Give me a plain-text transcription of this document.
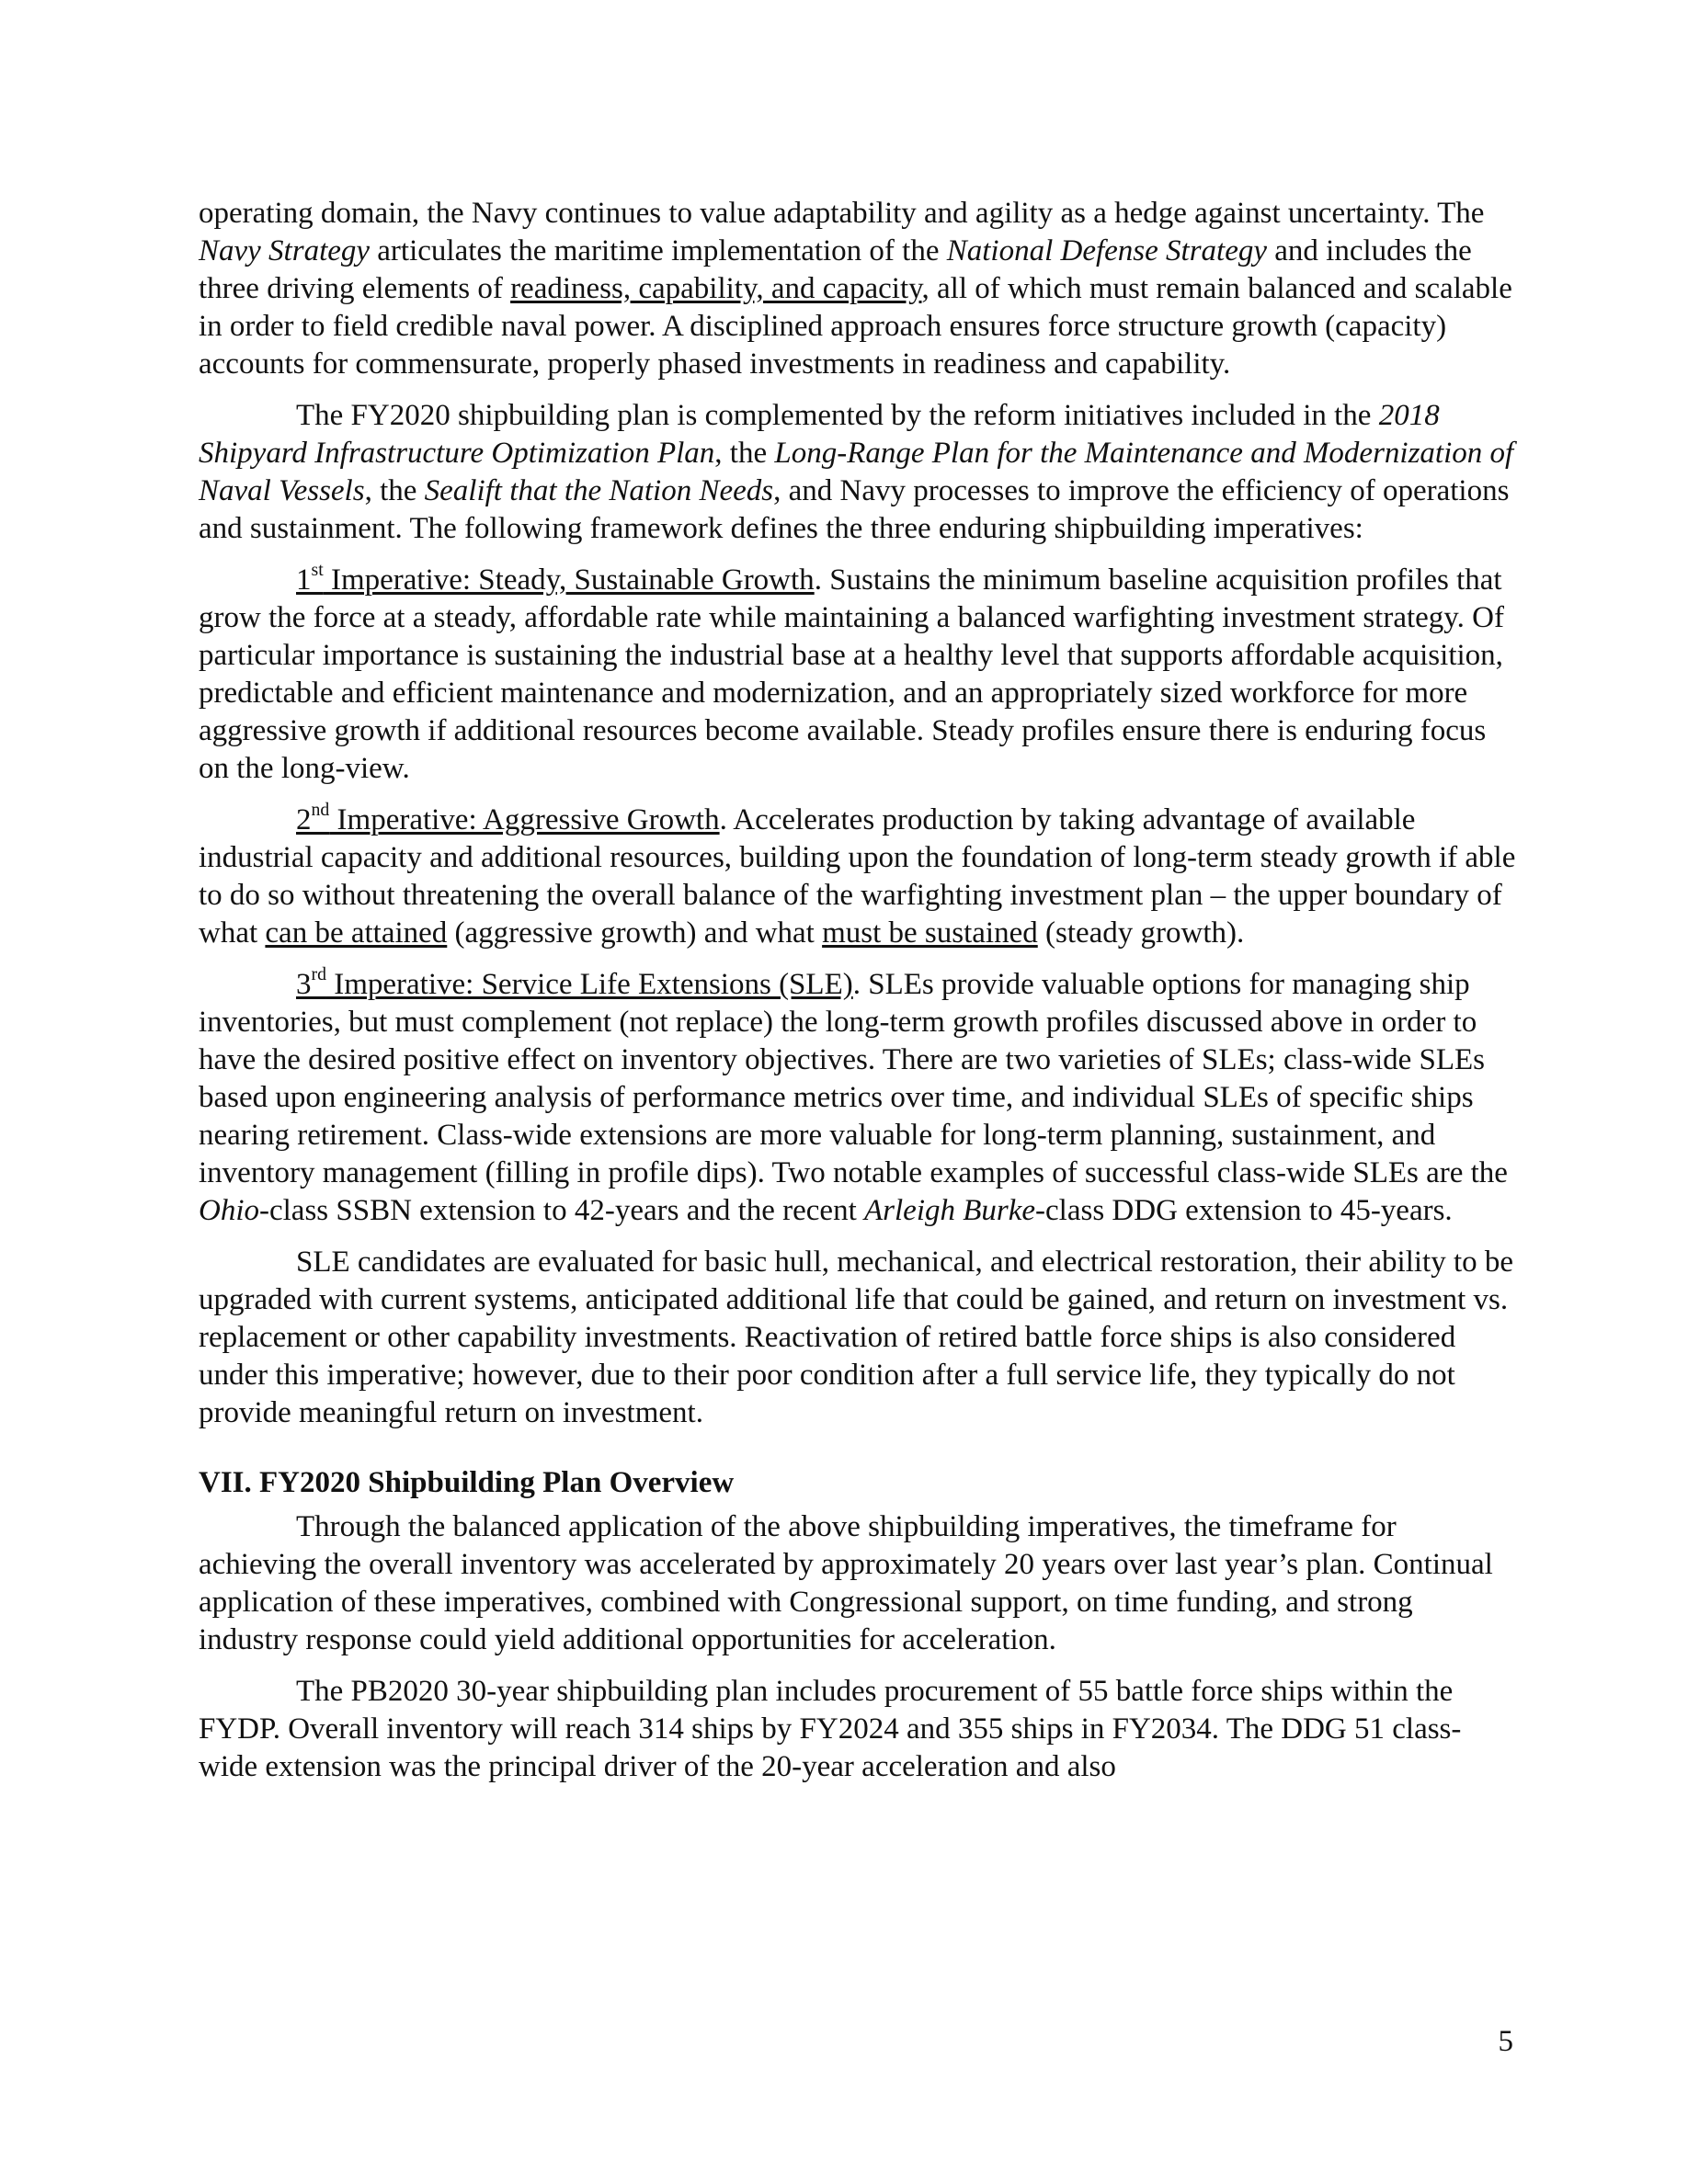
operating domain, the Navy continues to value adaptability and agility as a hedge against uncertainty. The Navy Strategy articulates the maritime implementation of the National Defense Strategy and includes the three driving elements of readiness, capability, and capacity, all of which must remain balanced and scalable in order to field credible naval power. A disciplined approach ensures force structure growth (capacity) accounts for commensurate, properly phased investments in readiness and capability.

The FY2020 shipbuilding plan is complemented by the reform initiatives included in the 2018 Shipyard Infrastructure Optimization Plan, the Long-Range Plan for the Maintenance and Modernization of Naval Vessels, the Sealift that the Nation Needs, and Navy processes to improve the efficiency of operations and sustainment. The following framework defines the three enduring shipbuilding imperatives:

1st Imperative: Steady, Sustainable Growth. Sustains the minimum baseline acquisition profiles that grow the force at a steady, affordable rate while maintaining a balanced warfighting investment strategy. Of particular importance is sustaining the industrial base at a healthy level that supports affordable acquisition, predictable and efficient maintenance and modernization, and an appropriately sized workforce for more aggressive growth if additional resources become available. Steady profiles ensure there is enduring focus on the long-view.

2nd Imperative: Aggressive Growth. Accelerates production by taking advantage of available industrial capacity and additional resources, building upon the foundation of long-term steady growth if able to do so without threatening the overall balance of the warfighting investment plan – the upper boundary of what can be attained (aggressive growth) and what must be sustained (steady growth).

3rd Imperative: Service Life Extensions (SLE). SLEs provide valuable options for managing ship inventories, but must complement (not replace) the long-term growth profiles discussed above in order to have the desired positive effect on inventory objectives. There are two varieties of SLEs; class-wide SLEs based upon engineering analysis of performance metrics over time, and individual SLEs of specific ships nearing retirement. Class-wide extensions are more valuable for long-term planning, sustainment, and inventory management (filling in profile dips). Two notable examples of successful class-wide SLEs are the Ohio-class SSBN extension to 42-years and the recent Arleigh Burke-class DDG extension to 45-years.

SLE candidates are evaluated for basic hull, mechanical, and electrical restoration, their ability to be upgraded with current systems, anticipated additional life that could be gained, and return on investment vs. replacement or other capability investments. Reactivation of retired battle force ships is also considered under this imperative; however, due to their poor condition after a full service life, they typically do not provide meaningful return on investment.

VII. FY2020 Shipbuilding Plan Overview

Through the balanced application of the above shipbuilding imperatives, the timeframe for achieving the overall inventory was accelerated by approximately 20 years over last year’s plan. Continual application of these imperatives, combined with Congressional support, on time funding, and strong industry response could yield additional opportunities for acceleration.

The PB2020 30-year shipbuilding plan includes procurement of 55 battle force ships within the FYDP. Overall inventory will reach 314 ships by FY2024 and 355 ships in FY2034. The DDG 51 class-wide extension was the principal driver of the 20-year acceleration and also

5
